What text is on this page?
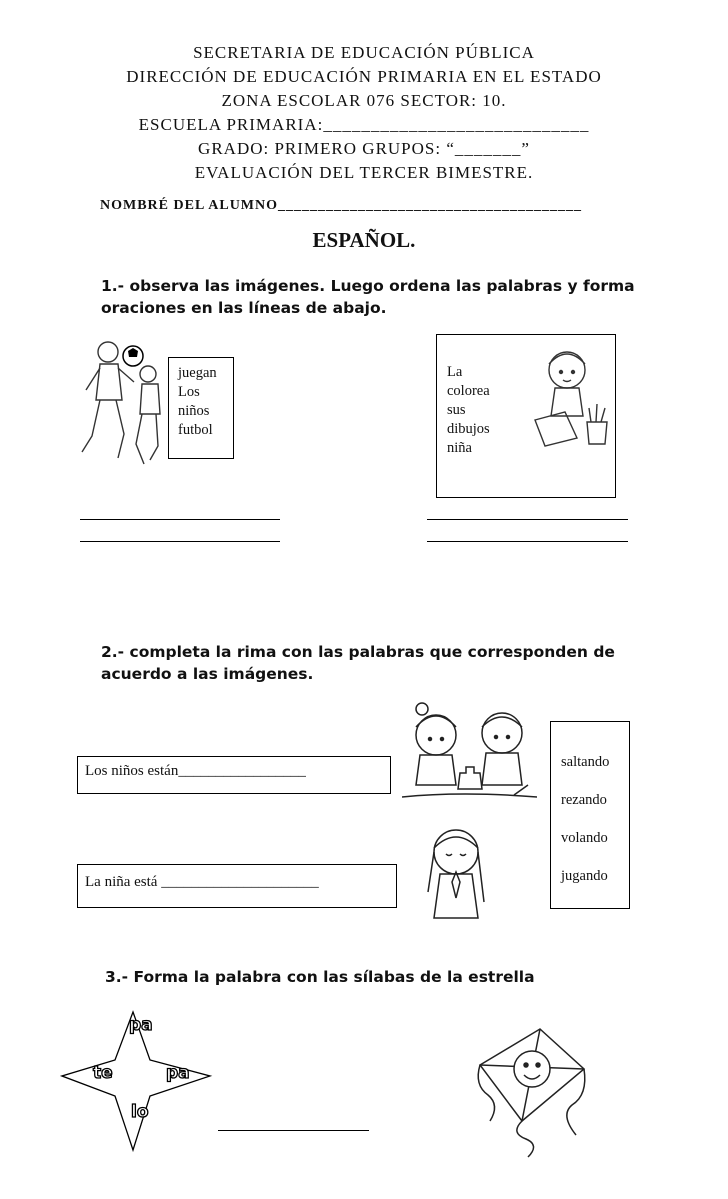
SECRETARIA DE EDUCACIÓN PÚBLICA
DIRECCIÓN DE EDUCACIÓN PRIMARIA EN EL ESTADO
ZONA ESCOLAR 076 SECTOR: 10.
ESCUELA PRIMARIA:____________________________
GRADO: PRIMERO GRUPOS: “_______”
EVALUACIÓN DEL TERCER BIMESTRE.
NOMBRÉ DEL ALUMNO______________________________________
ESPAÑOL.
1.- observa las imágenes. Luego ordena las palabras y forma
oraciones en las líneas de abajo.
juegan
Los
niños
futbol
La
colorea
sus
dibujos
niña
2.- completa la rima con las palabras que corresponden de
acuerdo a las imágenes.
Los niños están_________________
La niña está _____________________
saltando
rezando
volando
jugando
3.- Forma la palabra con las sílabas de la estrella
pa
te	pa
lo
